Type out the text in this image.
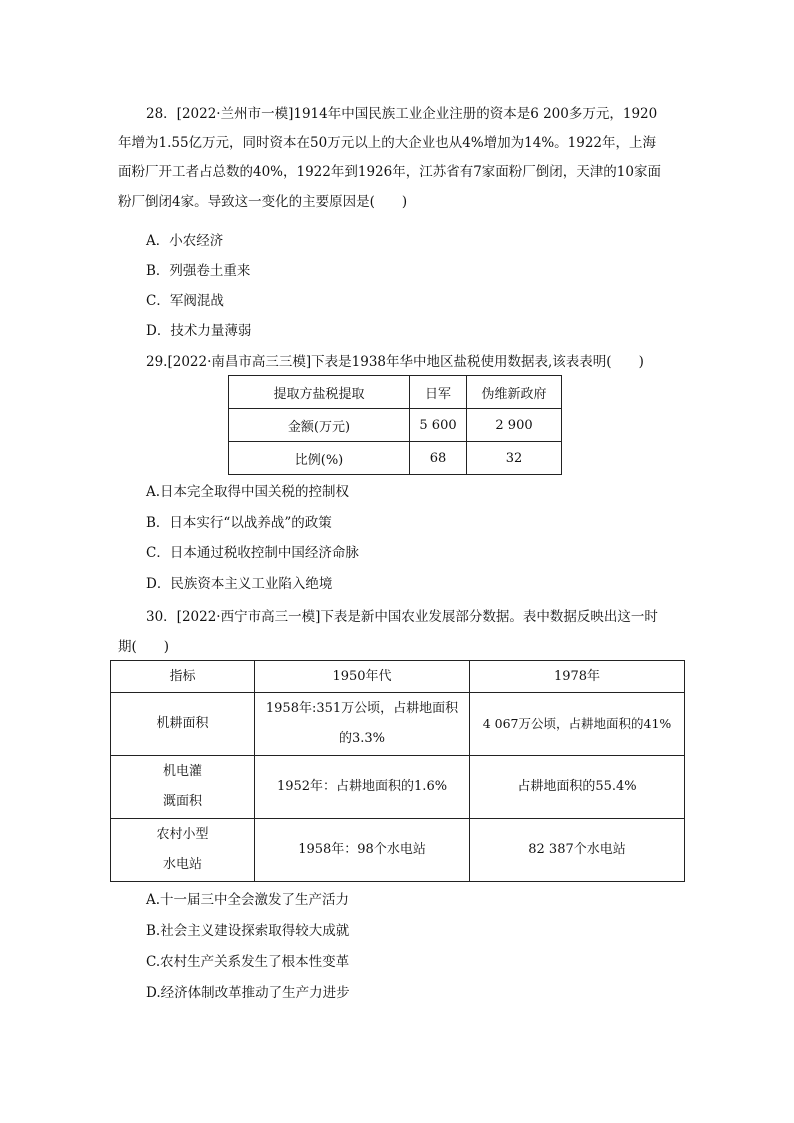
28．[2022·兰州市一模]1914年中国民族工业企业注册的资本是6 200多万元，1920

年增为1.55亿万元，同时资本在50万元以上的大企业也从4%增加为14%。1922年，上海

面粉厂开工者占总数的40%，1922年到1926年，江苏省有7家面粉厂倒闭，天津的10家面

粉厂倒闭4家。导致这一变化的主要原因是(　　)

A．小农经济

B．列强卷土重来

C．军阀混战

D．技术力量薄弱

29.[2022·南昌市高三三模]下表是1938年华中地区盐税使用数据表,该表表明(　　)

提取方盐税提取	日军	伪维新政府
金额(万元)	5 600	2 900
比例(%)	68	32

A.日本完全取得中国关税的控制权

B．日本实行“以战养战”的政策

C．日本通过税收控制中国经济命脉

D．民族资本主义工业陷入绝境

30．[2022·西宁市高三一模]下表是新中国农业发展部分数据。表中数据反映出这一时

期(　　)

指标	1950年代	1978年
机耕面积	1958年:351万公顷，占耕地面积
的3.3%	4 067万公顷，占耕地面积的41%

机电灌
溉面积	1952年：占耕地面积的1.6%	占耕地面积的55.4%

农村小型
水电站	1958年：98个水电站	82 387个水电站

A.十一届三中全会激发了生产活力

B.社会主义建设探索取得较大成就

C.农村生产关系发生了根本性变革

D.经济体制改革推动了生产力进步
